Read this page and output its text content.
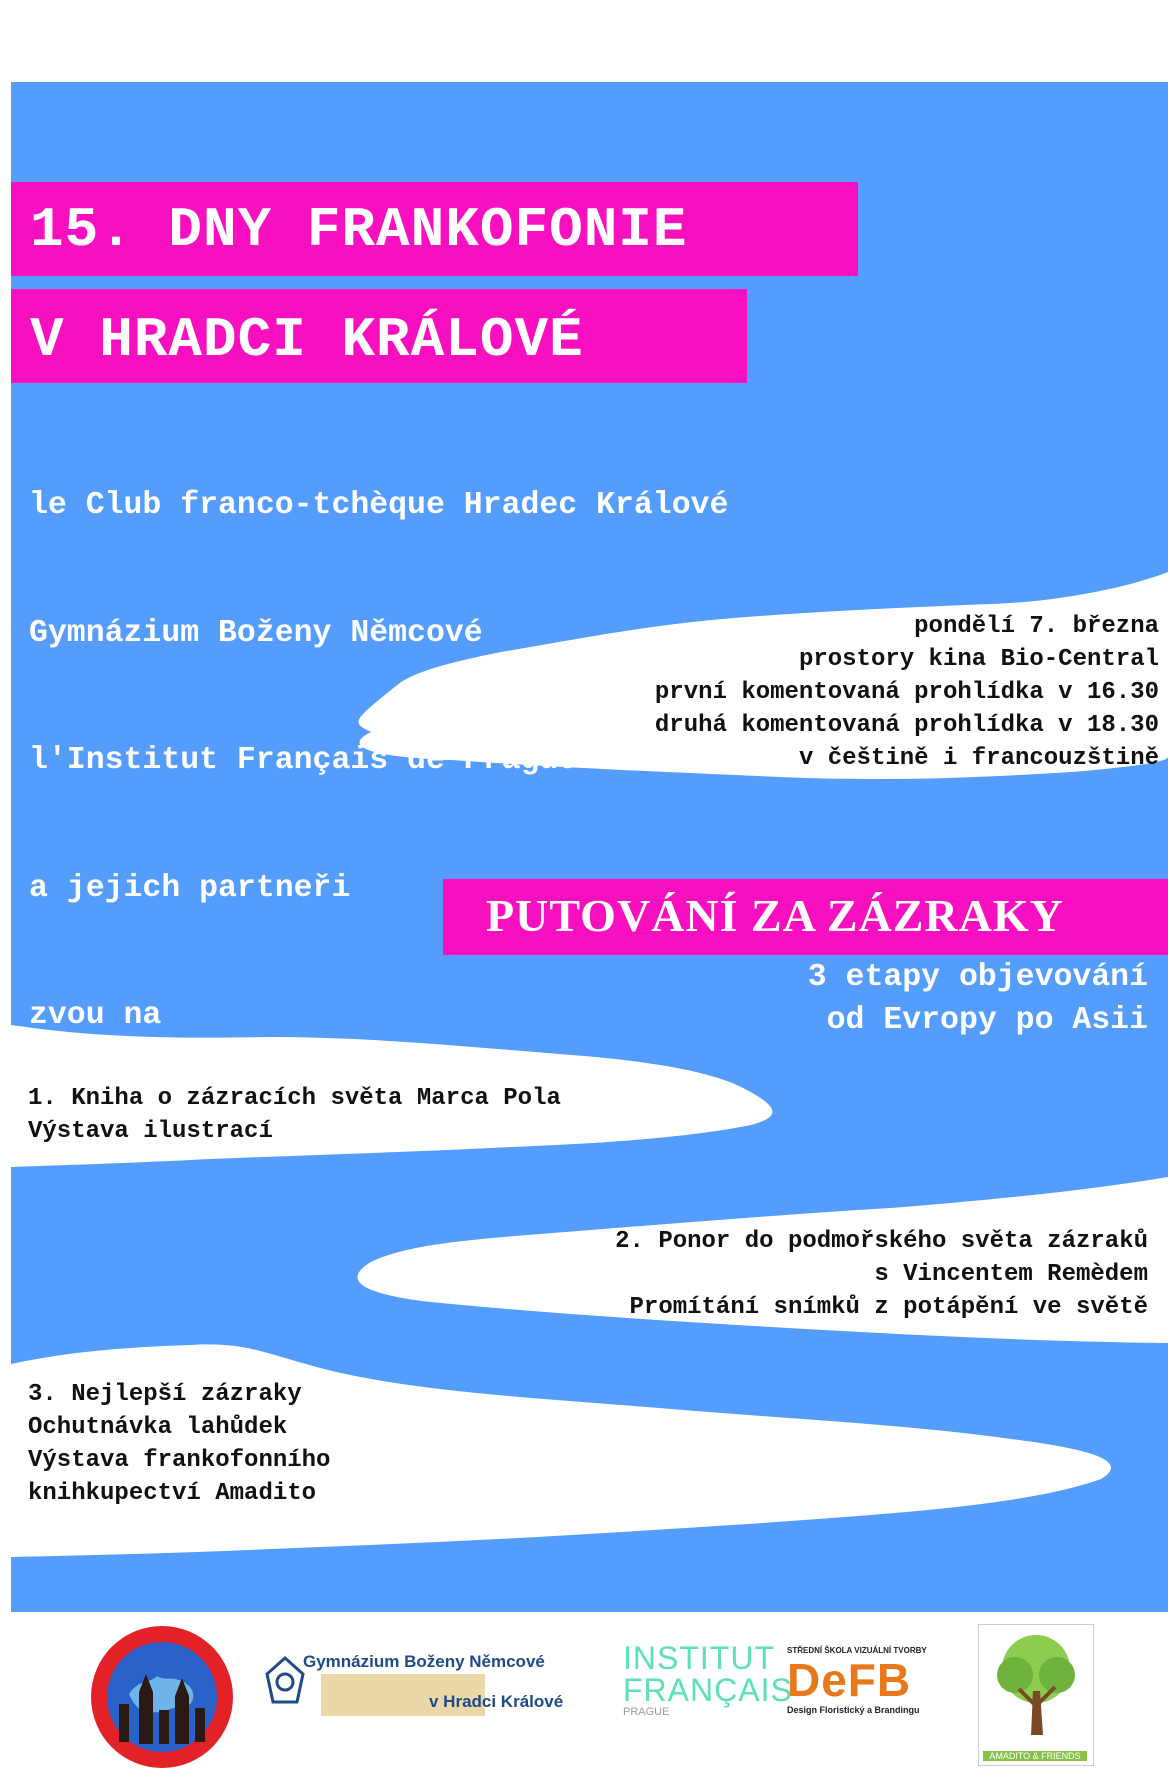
15. DNY FRANKOFONIE
V HRADCI KRÁLOVÉ

le Club franco-tchèque Hradec Králové

Gymnázium Boženy Němcové

l'Institut Français de Prague

a jejich partneři

zvou na

pondělí 7. března
prostory kina Bio-Central
první komentovaná prohlídka v 16.30
druhá komentovaná prohlídka v 18.30
v češtině i francouzštině
PUTOVÁNÍ ZA ZÁZRAKY
3 etapy objevování
od Evropy po Asii
1. Kniha o zázracích světa Marca Pola
Výstava ilustrací
2. Ponor do podmořského světa zázraků
s Vincentem Remèdem
Promítání snímků z potápění ve světě
3. Nejlepší zázraky
Ochutnávka lahůdek
Výstava frankofonního
knihkupectví Amadito
Gymnázium Boženy Němcové
v Hradci Králové
INSTITUT
FRANÇAIS
PRAGUE
STŘEDNÍ ŠKOLA VIZUÁLNÍ TVORBY
DeFB
Design Floristický a Brandingu
AMADITO & FRIENDS
